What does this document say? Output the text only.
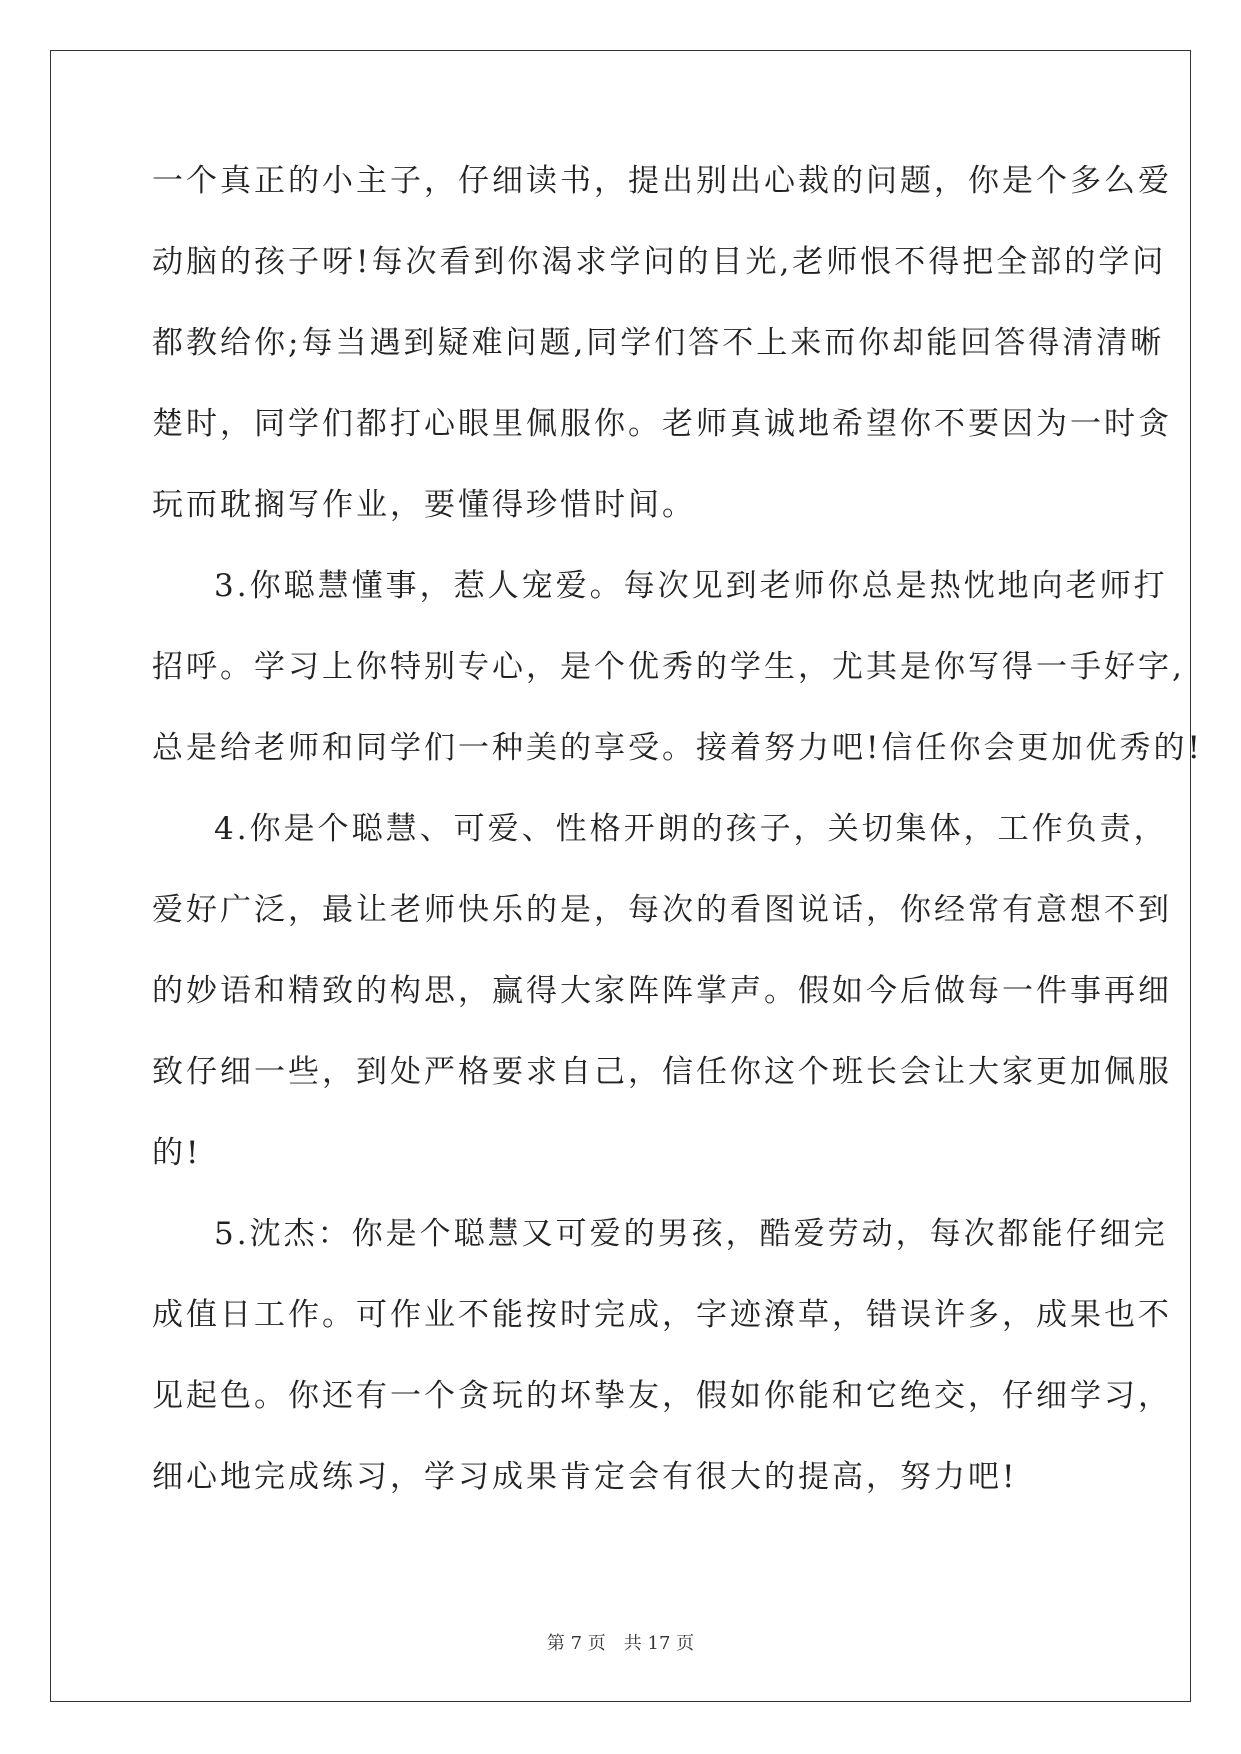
一个真正的小主子，仔细读书，提出别出心裁的问题，你是个多么爱
动脑的孩子呀!每次看到你渴求学问的目光,老师恨不得把全部的学问
都教给你;每当遇到疑难问题,同学们答不上来而你却能回答得清清晰
楚时，同学们都打心眼里佩服你。老师真诚地希望你不要因为一时贪
玩而耽搁写作业，要懂得珍惜时间。
3.你聪慧懂事，惹人宠爱。每次见到老师你总是热忱地向老师打
招呼。学习上你特别专心，是个优秀的学生，尤其是你写得一手好字,
总是给老师和同学们一种美的享受。接着努力吧!信任你会更加优秀的!
4.你是个聪慧、可爱、性格开朗的孩子，关切集体，工作负责，
爱好广泛，最让老师快乐的是，每次的看图说话，你经常有意想不到
的妙语和精致的构思，赢得大家阵阵掌声。假如今后做每一件事再细
致仔细一些，到处严格要求自己，信任你这个班长会让大家更加佩服
的!
5.沈杰：你是个聪慧又可爱的男孩，酷爱劳动，每次都能仔细完
成值日工作。可作业不能按时完成，字迹潦草，错误许多，成果也不
见起色。你还有一个贪玩的坏挚友，假如你能和它绝交，仔细学习，
细心地完成练习，学习成果肯定会有很大的提高，努力吧!
第 7 页　共 17 页
